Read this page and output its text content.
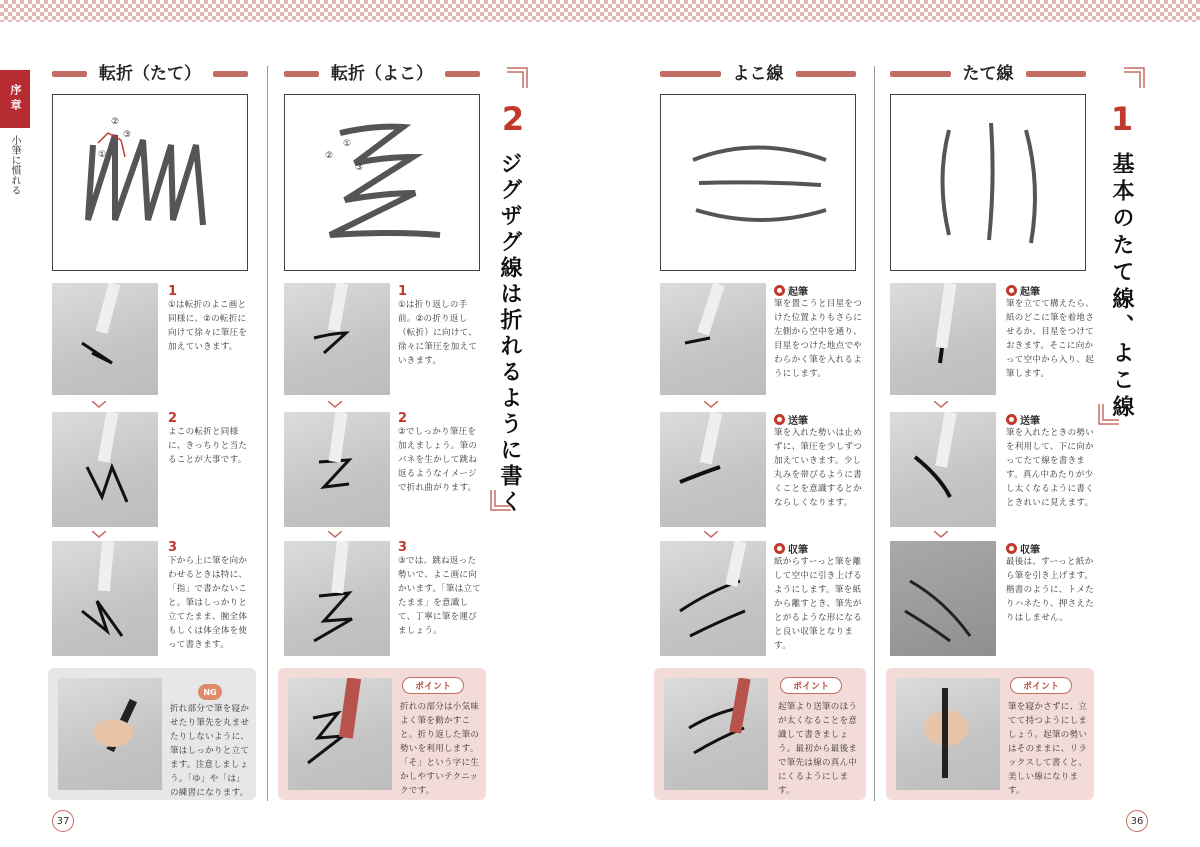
序章
小筆に慣れる
転折（たて）
①
②
③
1
①は転折のよこ画と同様に、②の転折に向けて徐々に筆圧を加えていきます。
2
よこの転折と同様に、きっちりと当たることが大事です。
3
下から上に筆を向かわせるときは特に、「指」で書かないこと。筆はしっかりと立てたまま、腕全体もしくは体全体を使って書きます。
NG
折れ部分で筆を寝かせたり筆先を丸ませたりしないように、筆はしっかりと立てます。注意しましょう。「ゆ」や「は」の練習になります。
転折（よこ）
①
②
③
1
①は折り返しの手前。②の折り返し（転折）に向けて、徐々に筆圧を加えていきます。
2
②でしっかり筆圧を加えましょう。筆のバネを生かして跳ね返るようなイメージで折れ曲がります。
3
③では、跳ね返った勢いで、よこ画に向かいます。「筆は立てたまま」を意識して、丁寧に筆を運びましょう。
ポイント
折れの部分は小気味よく筆を動かすこと。折り返した筆の勢いを利用します。「そ」という字に生かしやすいテクニックです。
2
ジグザグ線は折れるように書く
37
よこ線
起筆
筆を置こうと目星をつけた位置よりもさらに左側から空中を通り、目星をつけた地点でやわらかく筆を入れるようにします。
送筆
筆を入れた勢いは止めずに、筆圧を少しずつ加えていきます。少し丸みを帯びるように書くことを意識するとかならしくなります。
収筆
紙からすーっと筆を離して空中に引き上げるようにします。筆を紙から離すとき、筆先がとがるような形になると良い収筆となります。
ポイント
起筆より送筆のほうが太くなることを意識して書きましょう。最初から最後まで筆先は線の真ん中にくるようにします。
たて線
起筆
筆を立てて構えたら、紙のどこに筆を着地させるか、目星をつけておきます。そこに向かって空中から入り、起筆します。
送筆
筆を入れたときの勢いを利用して、下に向かってたて線を書きます。真ん中あたりが少し太くなるように書くときれいに見えます。
収筆
最後は、すーっと紙から筆を引き上げます。楷書のように、トメたりハネたり、押さえたりはしません。
ポイント
筆を寝かさずに、立てて持つようにしましょう。起筆の勢いはそのままに、リラックスして書くと、美しい線になります。
1
基本のたて線、よこ線
36
